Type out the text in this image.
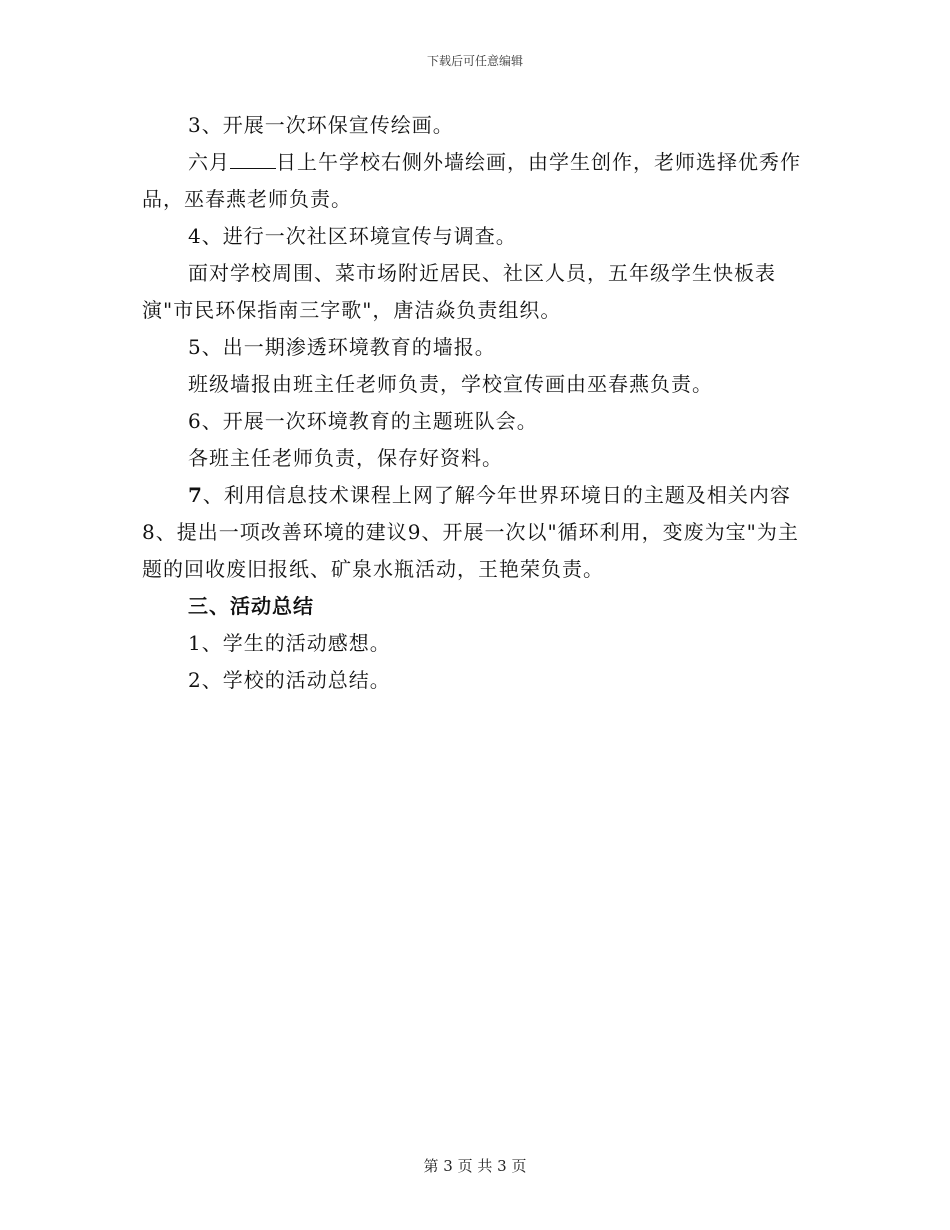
下载后可任意编辑

3、开展一次环保宣传绘画。

六月 日上午学校右侧外墙绘画，由学生创作，老师选择优秀作品，巫春燕老师负责。

4、进行一次社区环境宣传与调查。

面对学校周围、菜市场附近居民、社区人员，五年级学生快板表演"市民环保指南三字歌"，唐洁焱负责组织。

5、出一期渗透环境教育的墙报。

班级墙报由班主任老师负责，学校宣传画由巫春燕负责。

6、开展一次环境教育的主题班队会。

各班主任老师负责，保存好资料。

7、利用信息技术课程上网了解今年世界环境日的主题及相关内容8、提出一项改善环境的建议9、开展一次以"循环利用，变废为宝"为主题的回收废旧报纸、矿泉水瓶活动，王艳荣负责。

三、活动总结

1、学生的活动感想。

2、学校的活动总结。

第 3 页 共 3 页
